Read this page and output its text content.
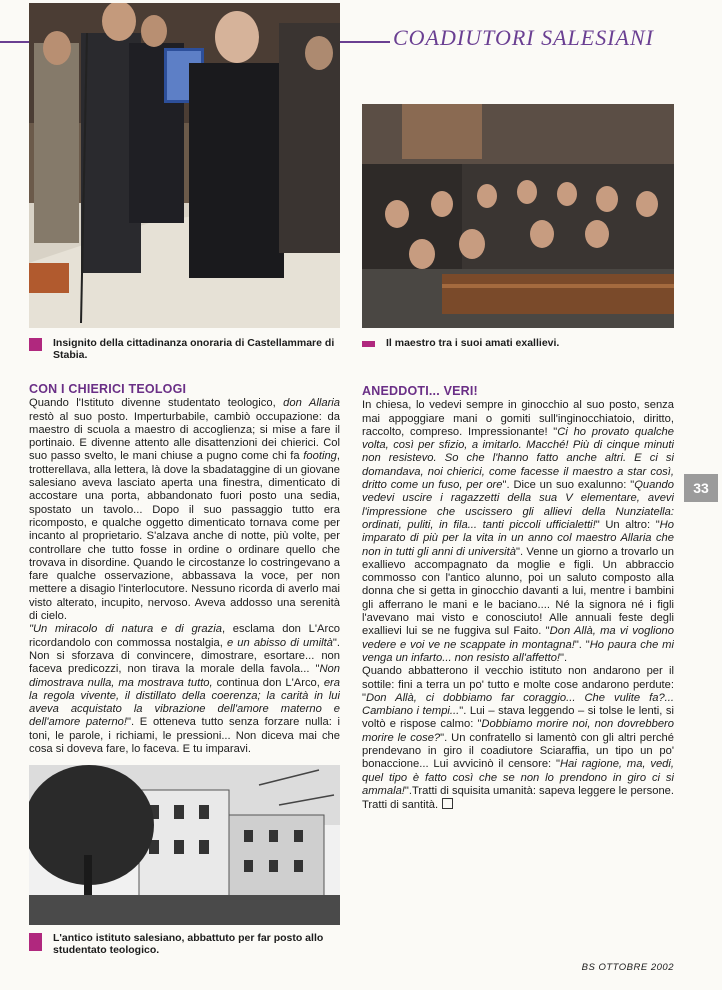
Insignito della cittadinanza onoraria di Castellammare di Stabia.
COADIUTORI SALESIANI
Il maestro tra i suoi amati exallievi.
33
CON I CHIERICI TEOLOGI

Quando l'Istituto divenne studentato teologico, don Allaria restò al suo posto. Imperturbabile, cambiò occupazione: da maestro di scuola a maestro di accoglienza; si mise a fare il portinaio. E divenne attento alle disattenzioni dei chierici. Col suo passo svelto, le mani chiuse a pugno come chi fa footing, trotterellava, alla lettera, là dove la sbadataggine di un giovane salesiano aveva lasciato aperta una finestra, dimenticato di accostare una porta, abbandonato fuori posto una sedia, spostato un tavolo... Dopo il suo passaggio tutto era ricomposto, e qualche oggetto dimenticato tornava come per incanto al proprietario. S'alzava anche di notte, più volte, per controllare che tutto fosse in ordine o ordinare quello che trovava in disordine. Quando le circostanze lo costringevano a fare qualche osservazione, abbassava la voce, per non mettere a disagio l'interlocutore. Nessuno ricorda di averlo mai visto alterato, incupito, nervoso. Aveva addosso una serenità di cielo.

"Un miracolo di natura e di grazia, esclama don L'Arco ricordandolo con commossa nostalgia, e un abisso di umiltà". Non si sforzava di convincere, dimostrare, esortare... non faceva predicozzi, non tirava la morale della favola... "Non dimostrava nulla, ma mostrava tutto, continua don L'Arco, era la regola vivente, il distillato della coerenza; la carità in lui aveva acquistato la vibrazione dell'amore materno e dell'amore paterno!". E otteneva tutto senza forzare nulla: i toni, le parole, i richiami, le pressioni... Non diceva mai che cosa si doveva fare, lo faceva. E tu imparavi.

L'antico istituto salesiano, abbattuto per far posto allo studentato teologico.

ANEDDOTI... VERI!

In chiesa, lo vedevi sempre in ginocchio al suo posto, senza mai appoggiare mani o gomiti sull'inginocchiatoio, diritto, raccolto, compreso. Impressionante! "Ci ho provato qualche volta, così per sfizio, a imitarlo. Macché! Più di cinque minuti non resistevo. So che l'hanno fatto anche altri. E ci si domandava, noi chierici, come facesse il maestro a star così, dritto come un fuso, per ore". Dice un suo exalunno: "Quando vedevi uscire i ragazzetti della sua V elementare, avevi l'impressione che uscissero gli allievi della Nunziatella: ordinati, puliti, in fila... tanti piccoli ufficialetti!" Un altro: "Ho imparato di più per la vita in un anno col maestro Allaria che non in tutti gli anni di università". Venne un giorno a trovarlo un exallievo accompagnato da moglie e figli. Un abbraccio commosso con l'antico alunno, poi un saluto composto alla donna che si getta in ginocchio davanti a lui, mentre i bambini gli afferrano le mani e le baciano.... Né la signora né i figli l'avevano mai visto e conosciuto! Alle annuali feste degli exallievi lui se ne fuggiva sul Faito. "Don Allà, ma vi vogliono vedere e voi ve ne scappate in montagna!". "Ho paura che mi venga un infarto... non resisto all'affetto!".

Quando abbatterono il vecchio istituto non andarono per il sottile: fini a terra un po' tutto e molte cose andarono perdute: "Don Allà, ci dobbiamo far coraggio... Che vulite fa?... Cambiano i tempi...". Lui – stava leggendo – si tolse le lenti, si voltò e rispose calmo: "Dobbiamo morire noi, non dovrebbero morire le cose?". Un confratello si lamentò con gli altri perché prendevano in giro il coadiutore Sciaraffia, un tipo un po' bonaccione... Lui avvicinò il censore: "Hai ragione, ma, vedi, quel tipo è fatto così che se non lo prendono in giro ci si ammala!".Tratti di squisita umanità: sapeva leggere le persone. Tratti di santità.

BS OTTOBRE 2002
